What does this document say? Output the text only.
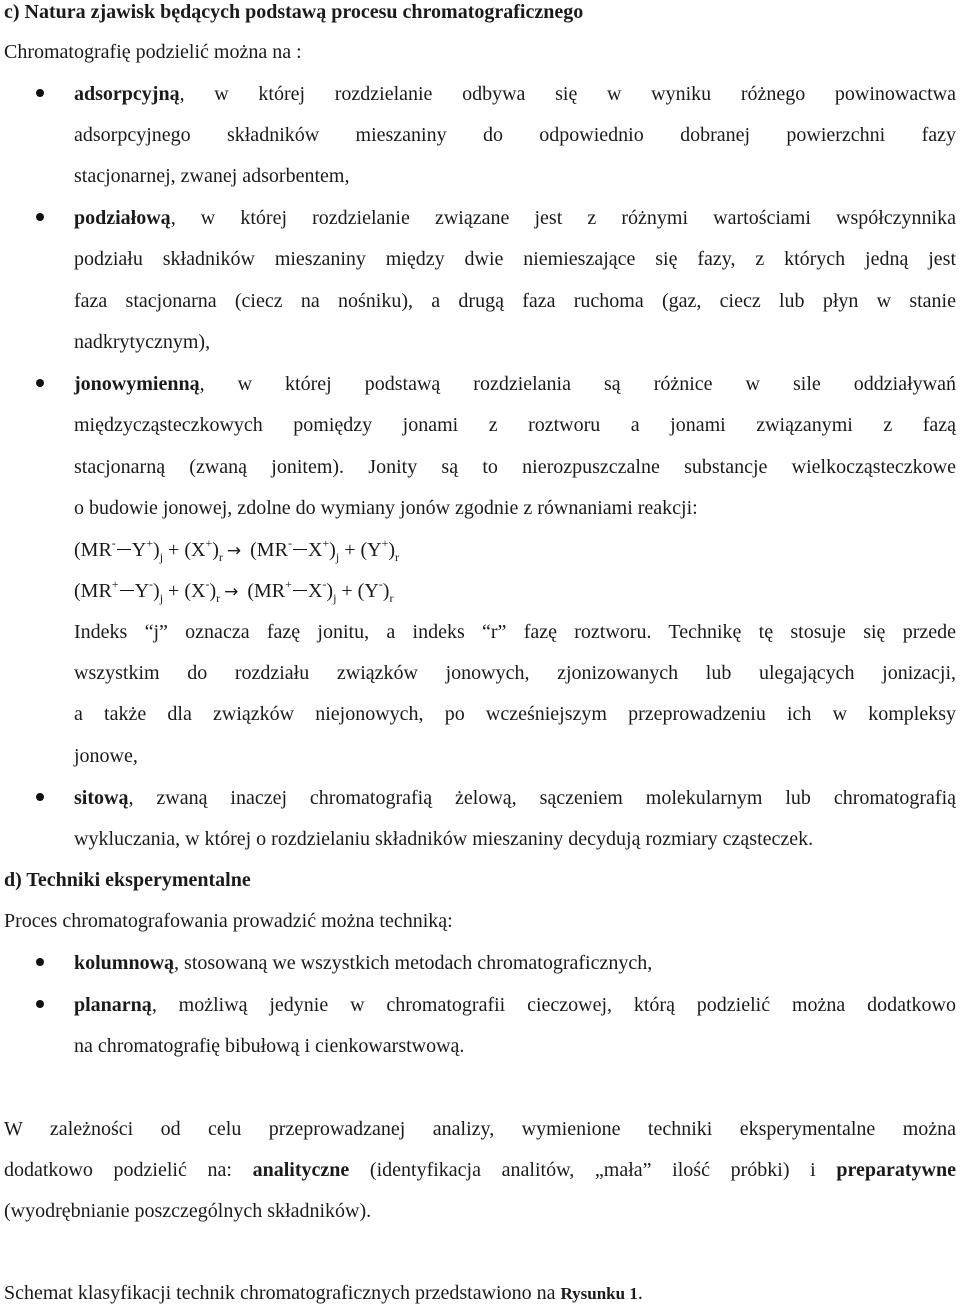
c) Natura zjawisk będących podstawą procesu chromatograficznego
Chromatografię podzielić można na :
adsorpcyjną, w której rozdzielanie odbywa się w wyniku różnego powinowactwa
adsorpcyjnego składników mieszaniny do odpowiednio dobranej powierzchni fazy
stacjonarnej, zwanej adsorbentem,
podziałową, w której rozdzielanie związane jest z różnymi wartościami współczynnika
podziału składników mieszaniny między dwie niemieszające się fazy, z których jedną jest
faza stacjonarna (ciecz na nośniku), a drugą faza ruchoma (gaz, ciecz lub płyn w stanie
nadkrytycznym),
jonowymienną, w której podstawą rozdzielania są różnice w sile oddziaływań
międzycząsteczkowych pomiędzy jonami z roztworu a jonami związanymi z fazą
stacjonarną (zwaną jonitem). Jonity są to nierozpuszczalne substancje wielkocząsteczkowe
o budowie jonowej, zdolne do wymiany jonów zgodnie z równaniami reakcji:
(MR- $Y^+)_j + (X^+)_r \to (MR^-$ $X^+)_j + (Y^+)_r$
(MR+ $Y^-)_j + (X^-)_r \to (MR^+$ $X^-)_j + (Y^-)_r$
Indeks “j” oznacza fazę jonitu, a indeks “r” fazę roztworu. Technikę tę stosuje się przede
wszystkim do rozdziału związków jonowych, zjonizowanych lub ulegających jonizacji,
a także dla związków niejonowych, po wcześniejszym przeprowadzeniu ich w kompleksy
jonowe,
sitową, zwaną inaczej chromatografią żelową, sączeniem molekularnym lub chromatografią
wykluczania, w której o rozdzielaniu składników mieszaniny decydują rozmiary cząsteczek.
d) Techniki eksperymentalne
Proces chromatografowania prowadzić można techniką:
kolumnową, stosowaną we wszystkich metodach chromatograficznych,
planarną, możliwą jedynie w chromatografii cieczowej, którą podzielić można dodatkowo
na chromatografię bibułową i cienkowarstwową.
W zależności od celu przeprowadzanej analizy, wymienione techniki eksperymentalne można
dodatkowo podzielić na: analityczne (identyfikacja analitów, „mała” ilość próbki) i preparatywne
(wyodrębnianie poszczególnych składników).
Schemat klasyfikacji technik chromatograficznych przedstawiono na Rysunku 1.
